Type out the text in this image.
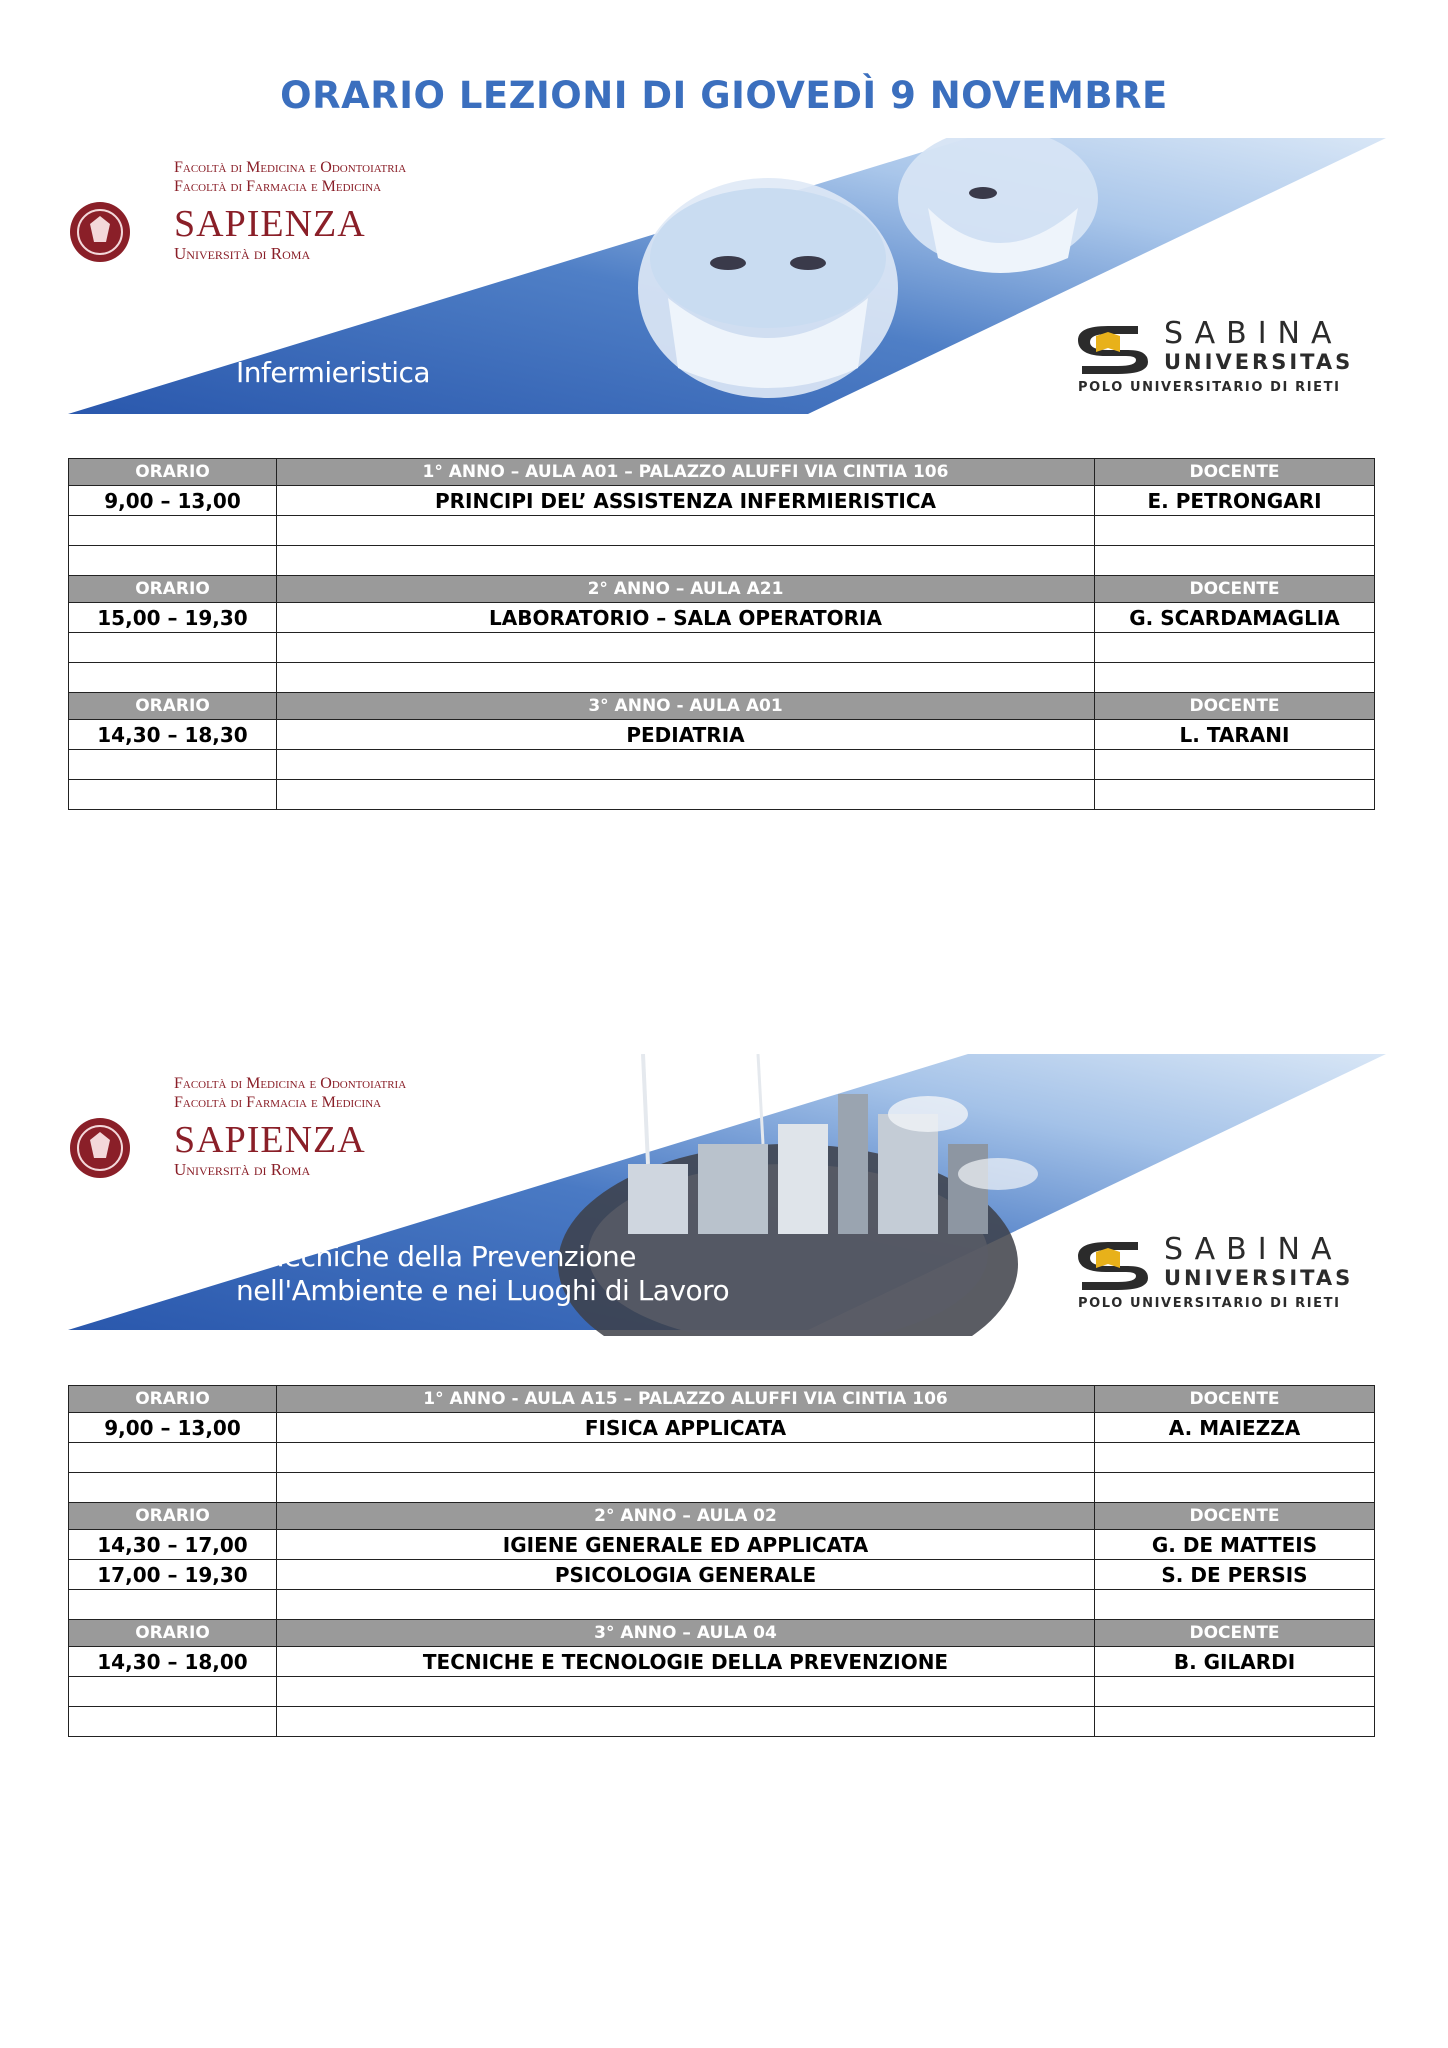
ORARIO LEZIONI DI GIOVEDÌ 9 NOVEMBRE
Facoltà di Medicina e Odontoiatria
Facoltà di Farmacia e Medicina
SAPIENZA
Università di Roma
Infermieristica
SABINA
UNIVERSITAS
POLO UNIVERSITARIO DI RIETI
ORARIO	1° ANNO – AULA A01 – PALAZZO ALUFFI VIA CINTIA 106	DOCENTE
9,00 – 13,00	PRINCIPI DEL’ ASSISTENZA INFERMIERISTICA	E. PETRONGARI

ORARIO	2° ANNO – AULA A21	DOCENTE
15,00 – 19,30	LABORATORIO – SALA OPERATORIA	G. SCARDAMAGLIA

ORARIO	3° ANNO - AULA A01	DOCENTE
14,30 – 18,30	PEDIATRIA	L. TARANI

Facoltà di Medicina e Odontoiatria
Facoltà di Farmacia e Medicina
SAPIENZA
Università di Roma
Tecniche della Prevenzione
nell'Ambiente e nei Luoghi di Lavoro
SABINA
UNIVERSITAS
POLO UNIVERSITARIO DI RIETI
ORARIO	1° ANNO - AULA A15 – PALAZZO ALUFFI VIA CINTIA 106	DOCENTE
9,00 – 13,00	FISICA APPLICATA	A. MAIEZZA

ORARIO	2° ANNO – AULA 02	DOCENTE
14,30 – 17,00	IGIENE GENERALE ED APPLICATA	G. DE MATTEIS
17,00 – 19,30	PSICOLOGIA GENERALE	S. DE PERSIS

ORARIO	3° ANNO – AULA 04	DOCENTE
14,30 – 18,00	TECNICHE E TECNOLOGIE DELLA PREVENZIONE	B. GILARDI
